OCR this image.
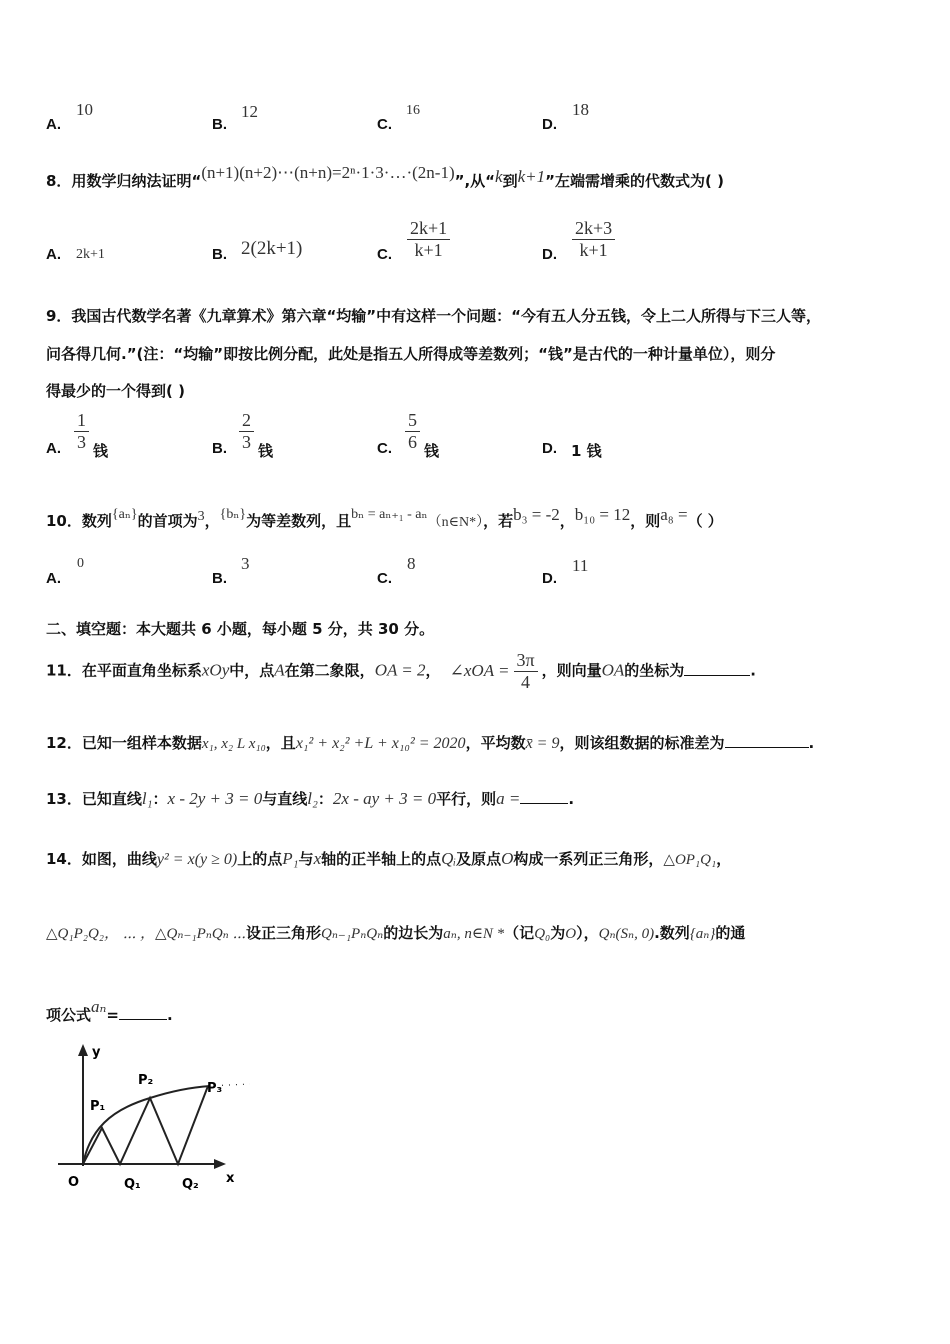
A.
10
B.
12
C.
16
D.
18
8．用数学归纳法证明“(n+1)(n+2)⋯(n+n)=2ⁿ·1·3·…·(2n-1)”,从“k到k+1”左端需增乘的代数式为( )
A. 2k+1	B. 2(2k+1)	C. $\frac{2k+1}{k+1}$	D. $\frac{2k+3}{k+1}$
9．我国古代数学名著《九章算术》第六章“均输”中有这样一个问题：“今有五人分五钱，令上二人所得与下三人等，
问各得几何.”(注：“均输”即按比例分配，此处是指五人所得成等差数列；“钱”是古代的一种计量单位），则分
得最少的一个得到( )
A. $\frac{1}{3}$ 钱	B. $\frac{2}{3}$ 钱	C. $\frac{5}{6}$ 钱	D. 1 钱
10．数列{aₙ}的首项为3，{bₙ}为等差数列，且bₙ = aₙ₊₁ - aₙ（n∈N*），若b₃ = -2，b₁₀ = 12，则a₈ =（ ）
A.
0
B.
3
C.
8
D.
11
二、填空题：本大题共 6 小题，每小题 5 分，共 30 分。
11．在平面直角坐标系xOy中，点A在第二象限，OA = 2， ∠xOA = $\frac{3\pi}{4}$ ，则向量OA的坐标为	.
12．已知一组样本数据x₁, x₂ L x₁₀，且x₁² + x₂² +L + x₁₀² = 2020，平均数x̄ = 9，则该组数据的标准差为	.
13．已知直线l₁：x - 2y + 3 = 0与直线l₂：2x - ay + 3 = 0平行，则a =	.
14．如图，曲线y² = x(y ≥ 0)上的点P₁与x轴的正半轴上的点Qᵢ及原点O构成一系列正三角形，△OP₁Q₁，
△Q₁P₂Q₂， ⋯ ，△Qₙ₋₁PₙQₙ ⋯设正三角形Qₙ₋₁PₙQₙ的边长为aₙ, n∈N *（记Q₀为O），Qₙ(Sₙ, 0).数列{aₙ}的通
项公式aₙ=	.
y
x
O
P₁
P₂
P₃
Q₁	Q₂
